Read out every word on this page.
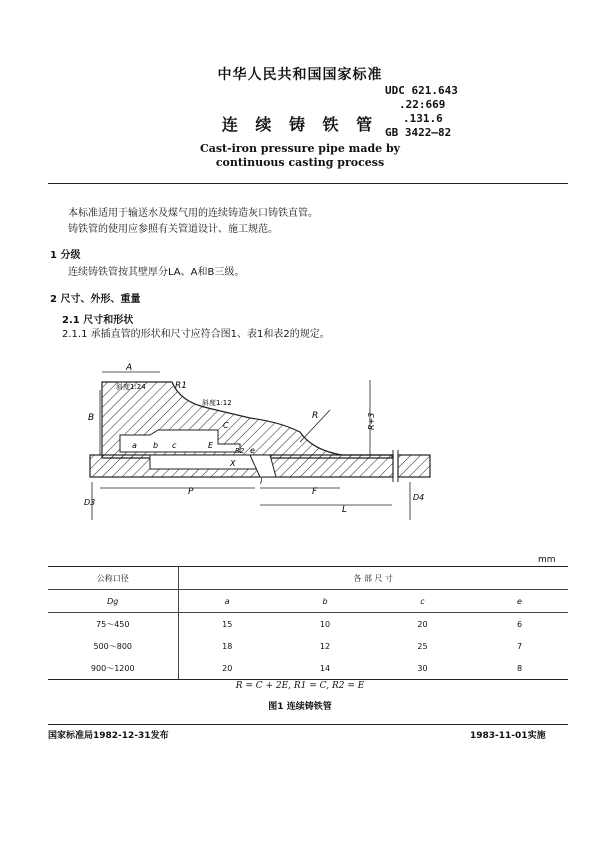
中华人民共和国国家标准
UDC 621.643
.22:669
.131.6
GB 3422—82
连 续 铸 铁 管
Cast-iron pressure pipe made by
continuous casting process
本标准适用于输送水及煤气用的连续铸造灰口铸铁直管。
铸铁管的使用应参照有关管道设计、施工规范。
1 分级
连续铸铁管按其壁厚分LA、A和B三级。
2 尺寸、外形、重量
2.1 尺寸和形状
2.1.1 承插直管的形状和尺寸应符合图1、表1和表2的规定。
A
R1
斜度1:24
斜度1:12
B	R	R+3
a b c
C
E
R2 e
X
l
D3
P	F
L
D4
mm
公称口径	各 部 尺 寸			
Dg	a	b	c	e
75～450	15	10	20	6
500～800	18	12	25	7
900～1200	20	14	30	8
R = C + 2E, R1 = C, R2 = E
图1 连续铸铁管
国家标准局1982-12-31发布	1983-11-01实施
